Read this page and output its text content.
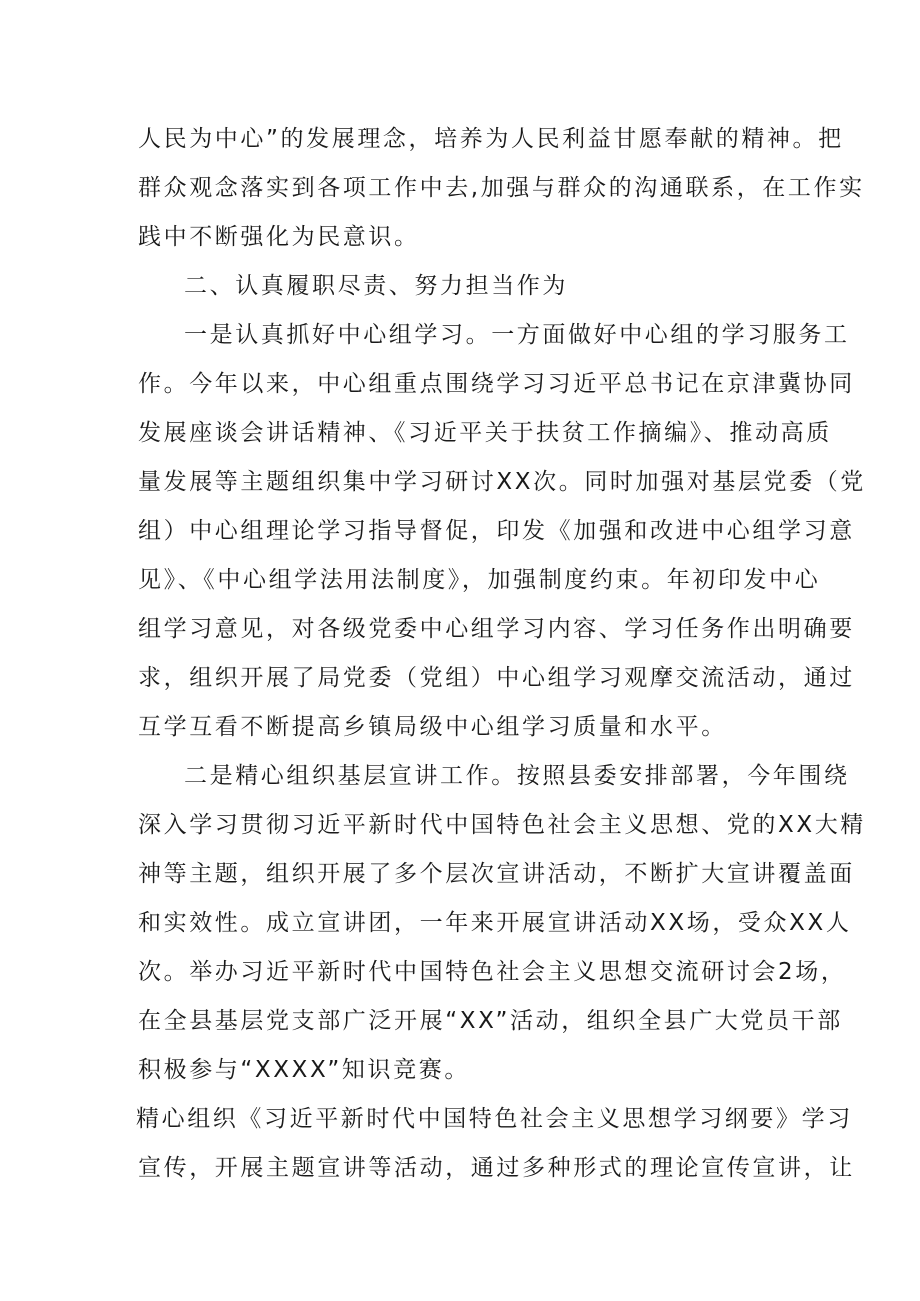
人民为中心”的发展理念，培养为人民利益甘愿奉献的精神。把
群众观念落实到各项工作中去,加强与群众的沟通联系，在工作实
践中不断强化为民意识。
二、认真履职尽责、努力担当作为
一是认真抓好中心组学习。一方面做好中心组的学习服务工
作。今年以来，中心组重点围绕学习习近平总书记在京津冀协同
发展座谈会讲话精神、《习近平关于扶贫工作摘编》、推动高质
量发展等主题组织集中学习研讨XX次。同时加强对基层党委（党
组）中心组理论学习指导督促，印发《加强和改进中心组学习意
见》、《中心组学法用法制度》，加强制度约束。年初印发中心
组学习意见，对各级党委中心组学习内容、学习任务作出明确要
求，组织开展了局党委（党组）中心组学习观摩交流活动，通过
互学互看不断提高乡镇局级中心组学习质量和水平。
二是精心组织基层宣讲工作。按照县委安排部署，今年围绕
深入学习贯彻习近平新时代中国特色社会主义思想、党的XX大精
神等主题，组织开展了多个层次宣讲活动，不断扩大宣讲覆盖面
和实效性。成立宣讲团，一年来开展宣讲活动XX场，受众XX人
次。举办习近平新时代中国特色社会主义思想交流研讨会2场，
在全县基层党支部广泛开展“XX”活动，组织全县广大党员干部
积极参与“XXXX”知识竞赛。
精心组织《习近平新时代中国特色社会主义思想学习纲要》学习
宣传，开展主题宣讲等活动，通过多种形式的理论宣传宣讲，让
